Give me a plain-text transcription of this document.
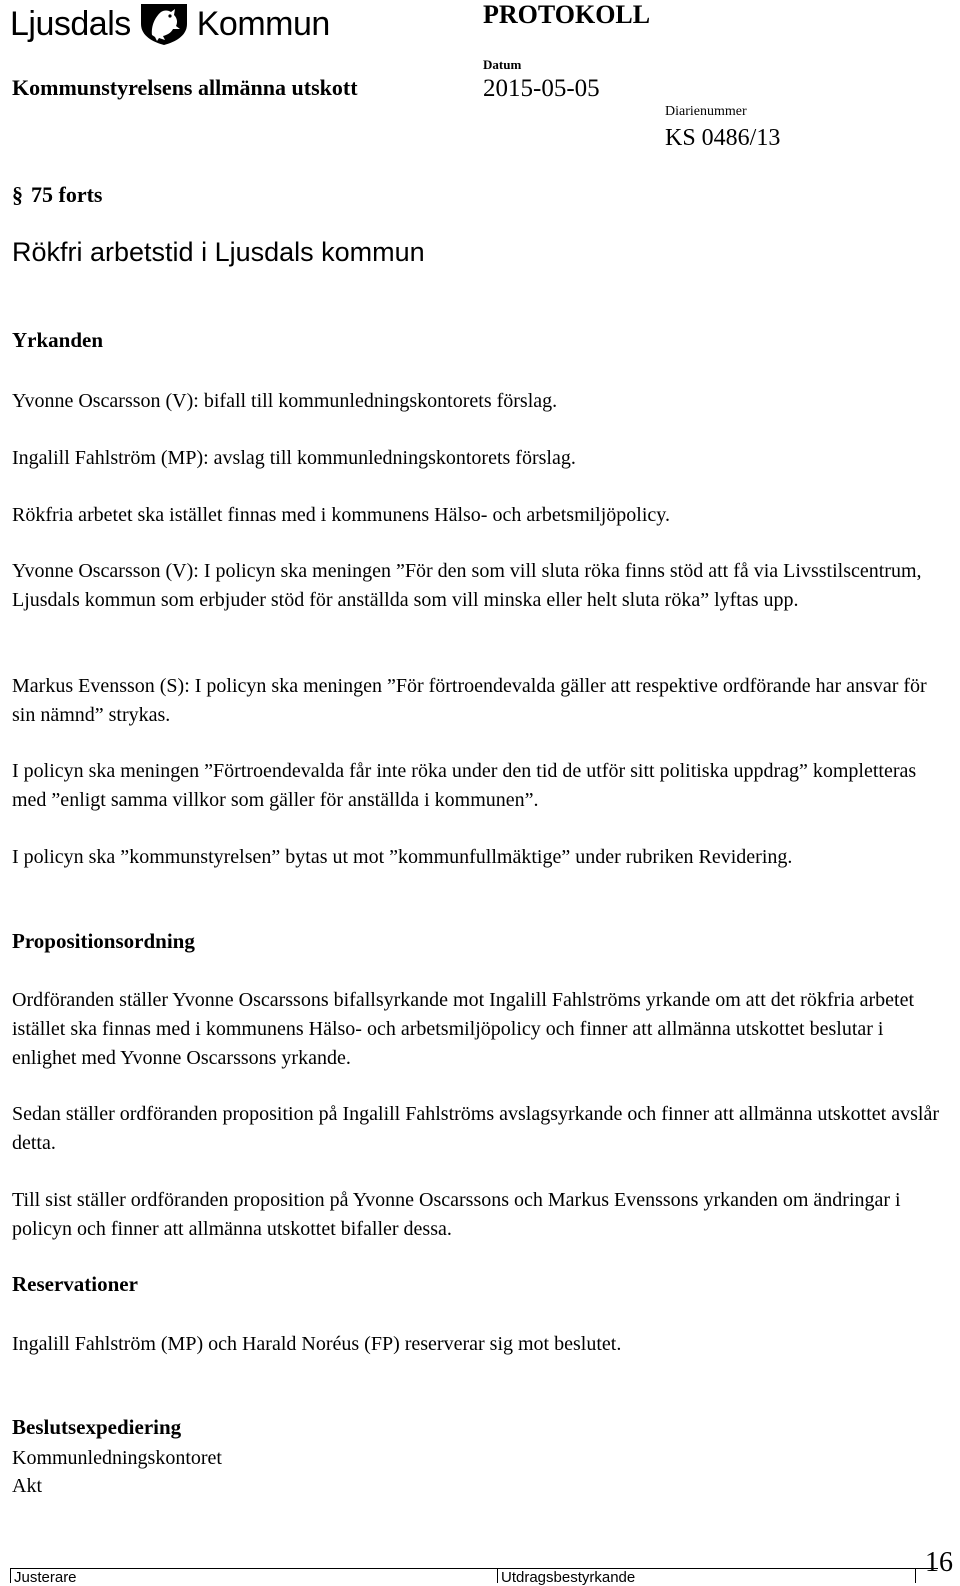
Ljusdals Kommun	PROTOKOLL
Kommunstyrelsens allmänna utskott
Datum
2015-05-05
Diarienummer
KS 0486/13
§ 75 forts
Rökfri arbetstid i Ljusdals kommun
Yrkanden

Yvonne Oscarsson (V): bifall till kommunledningskontorets förslag.

Ingalill Fahlström (MP): avslag till kommunledningskontorets förslag.

Rökfria arbetet ska istället finnas med i kommunens Hälso- och arbetsmiljöpolicy.

Yvonne Oscarsson (V): I policyn ska meningen ”För den som vill sluta röka finns stöd att få via Livsstilscentrum, Ljusdals kommun som erbjuder stöd för anställda som vill minska eller helt sluta röka” lyftas upp.

Markus Evensson (S): I policyn ska meningen ”För förtroendevalda gäller att respektive ordförande har ansvar för sin nämnd” strykas.

I policyn ska meningen ”Förtroendevalda får inte röka under den tid de utför sitt politiska uppdrag” kompletteras med ”enligt samma villkor som gäller för anställda i kommunen”.

I policyn ska ”kommunstyrelsen” bytas ut mot ”kommunfullmäktige” under rubriken Revidering.

Propositionsordning

Ordföranden ställer Yvonne Oscarssons bifallsyrkande mot Ingalill Fahlströms yrkande om att det rökfria arbetet istället ska finnas med i kommunens Hälso- och arbetsmiljöpolicy och finner att allmänna utskottet beslutar i enlighet med Yvonne Oscarssons yrkande.

Sedan ställer ordföranden proposition på Ingalill Fahlströms avslagsyrkande och finner att allmänna utskottet avslår detta.

Till sist ställer ordföranden proposition på Yvonne Oscarssons och Markus Evenssons yrkanden om ändringar i policyn och finner att allmänna utskottet bifaller dessa.

Reservationer

Ingalill Fahlström (MP) och Harald Noréus (FP) reserverar sig mot beslutet.

Beslutsexpediering

Kommunledningskontoret

Akt

Justerare	Utdragsbestyrkande	16
